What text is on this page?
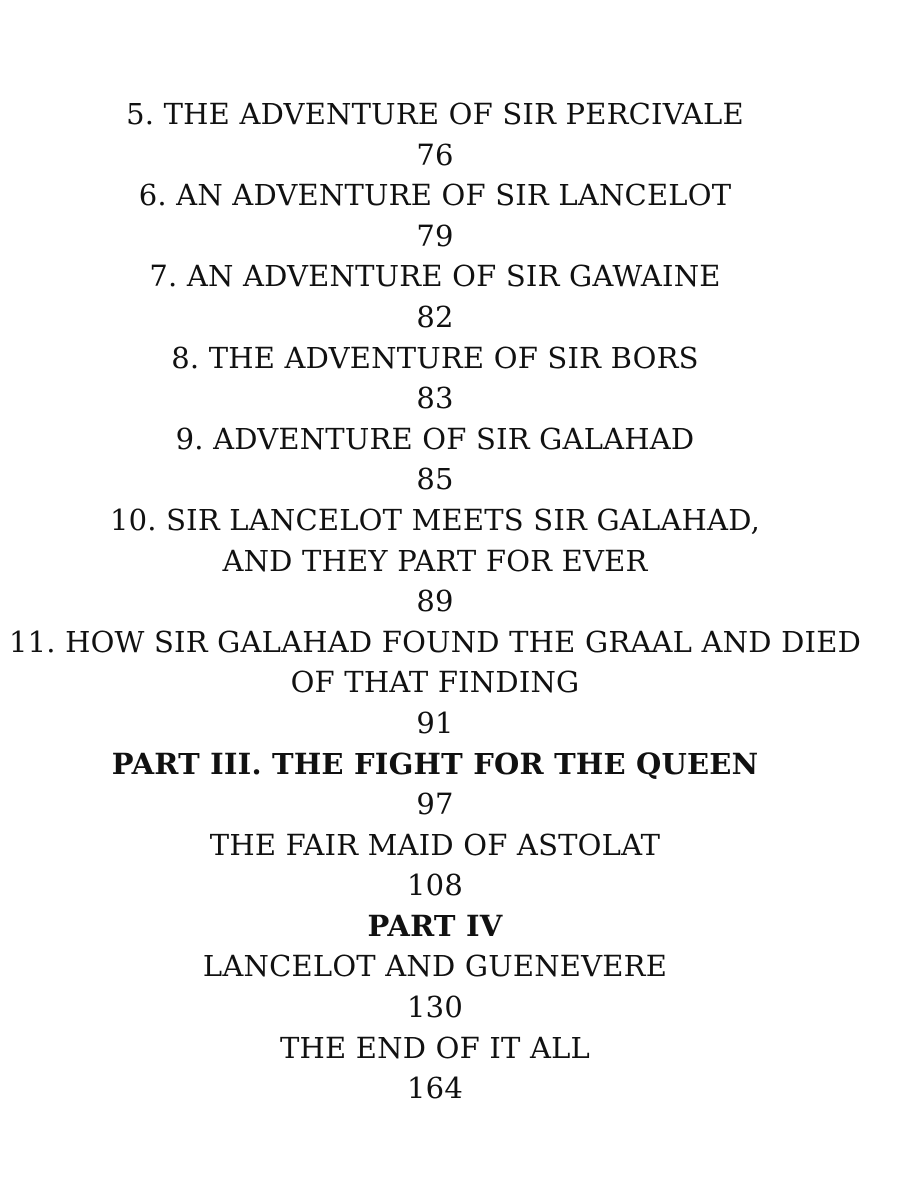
5. THE ADVENTURE OF SIR PERCIVALE
76
6. AN ADVENTURE OF SIR LANCELOT
79
7. AN ADVENTURE OF SIR GAWAINE
82
8. THE ADVENTURE OF SIR BORS
83
9. ADVENTURE OF SIR GALAHAD
85
10. SIR LANCELOT MEETS SIR GALAHAD,
AND THEY PART FOR EVER
89
11. HOW SIR GALAHAD FOUND THE GRAAL AND DIED
OF THAT FINDING
91
PART III. THE FIGHT FOR THE QUEEN
97
THE FAIR MAID OF ASTOLAT
108
PART IV
LANCELOT AND GUENEVERE
130
THE END OF IT ALL
164
